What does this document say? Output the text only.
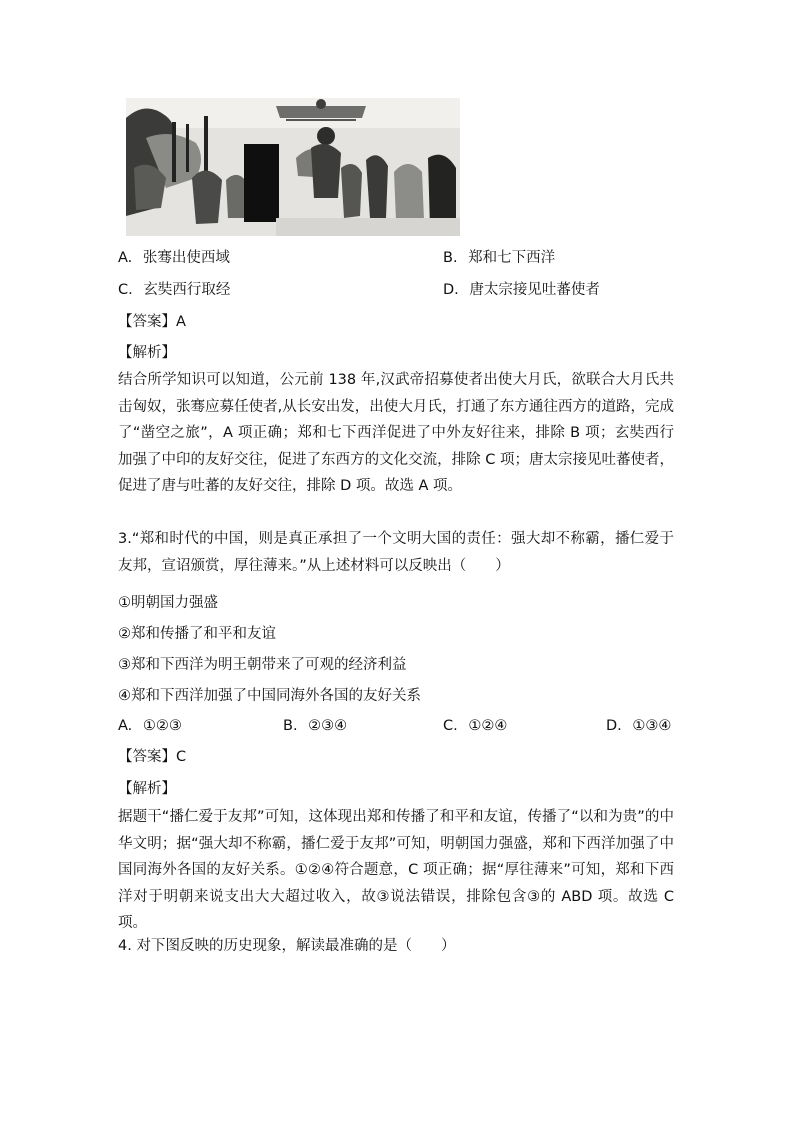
A. 张骞出使西域	B. 郑和七下西洋
C. 玄奘西行取经	D. 唐太宗接见吐蕃使者
【答案】A
【解析】
结合所学知识可以知道，公元前 138 年,汉武帝招募使者出使大月氏，欲联合大月氏共击匈奴，张骞应募任使者,从长安出发，出使大月氏，打通了东方通往西方的道路，完成了“凿空之旅”，A 项正确；郑和七下西洋促进了中外友好往来，排除 B 项；玄奘西行加强了中印的友好交往，促进了东西方的文化交流，排除 C 项；唐太宗接见吐蕃使者，促进了唐与吐蕃的友好交往，排除 D 项。故选 A 项。
3.“郑和时代的中国，则是真正承担了一个文明大国的责任：强大却不称霸，播仁爱于友邦，宣诏颁赏，厚往薄来。”从上述材料可以反映出（　　）
①明朝国力强盛
②郑和传播了和平和友谊
③郑和下西洋为明王朝带来了可观的经济利益
④郑和下西洋加强了中国同海外各国的友好关系
A. ①②③	B. ②③④	C. ①②④	D. ①③④
【答案】C
【解析】
据题干“播仁爱于友邦”可知，这体现出郑和传播了和平和友谊，传播了“以和为贵”的中华文明；据“强大却不称霸，播仁爱于友邦”可知，明朝国力强盛，郑和下西洋加强了中国同海外各国的友好关系。①②④符合题意，C 项正确；据“厚往薄来”可知，郑和下西洋对于明朝来说支出大大超过收入，故③说法错误，排除包含③的 ABD 项。故选 C 项。
4. 对下图反映的历史现象，解读最准确的是（　　）
